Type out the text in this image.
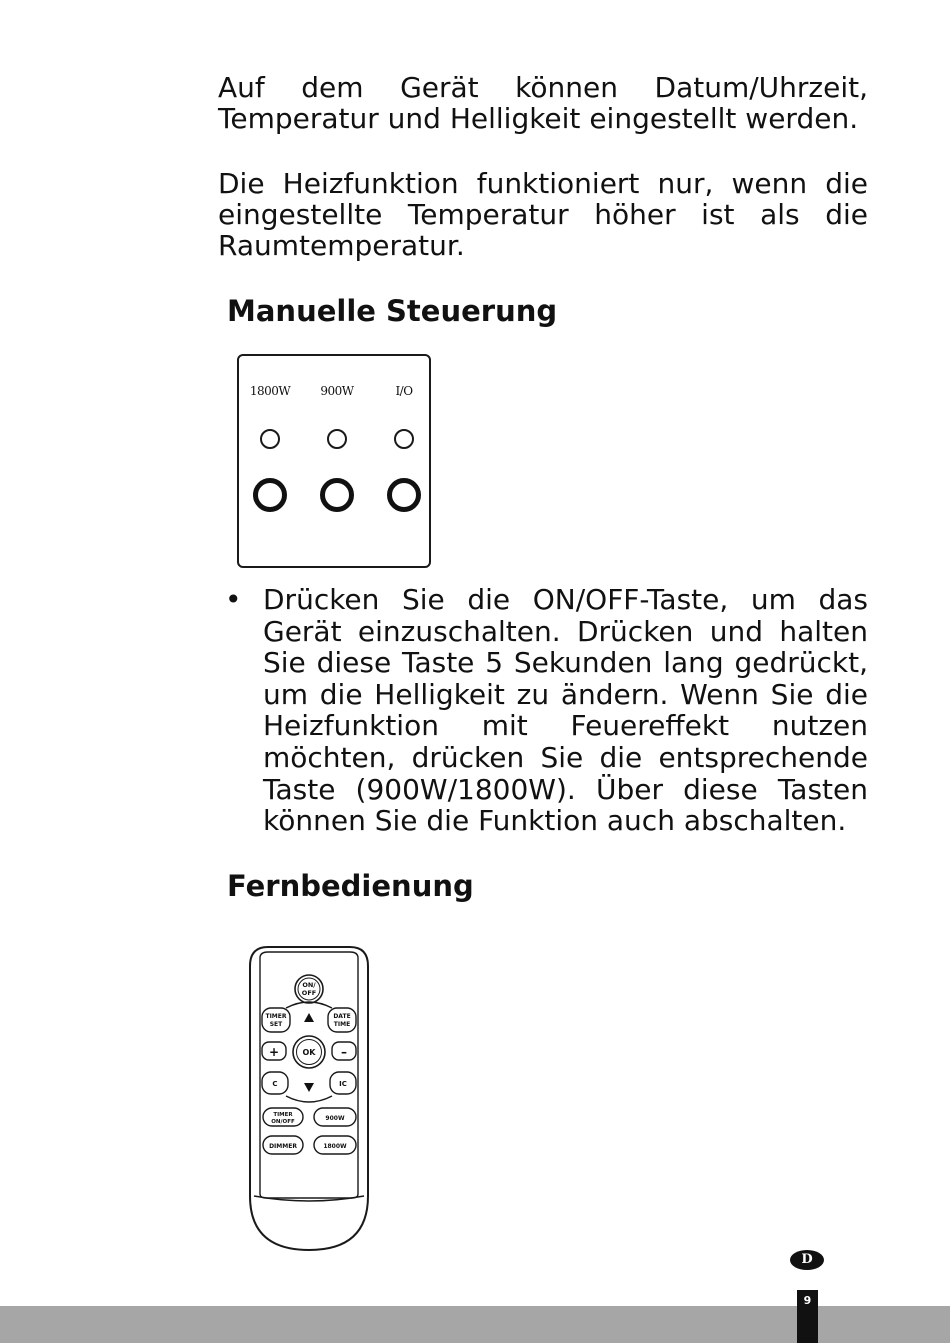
Auf dem Gerät können Datum/Uhrzeit, Temperatur und Helligkeit eingestellt werden.

Die Heizfunktion funktioniert nur, wenn die eingestellte Temperatur höher ist als die Raumtemperatur.

Manuelle Steuerung
1800W	900W	I/O
• Drücken Sie die ON/OFF-Taste, um das Gerät einzuschalten. Drücken und halten Sie diese Taste 5 Sekunden lang gedrückt, um die Helligkeit zu ändern. Wenn Sie die Heizfunktion mit Feuereffekt nutzen möchten, drücken Sie die entsprechende Taste (900W/1800W). Über diese Tasten können Sie die Funktion auch abschalten.

Fernbedienung
ON/
OFF
TIMER
SET
DATE
TIME
+	OK –
C	IC
TIMER
ON/OFF	900W
DIMMER	1800W
D
9
